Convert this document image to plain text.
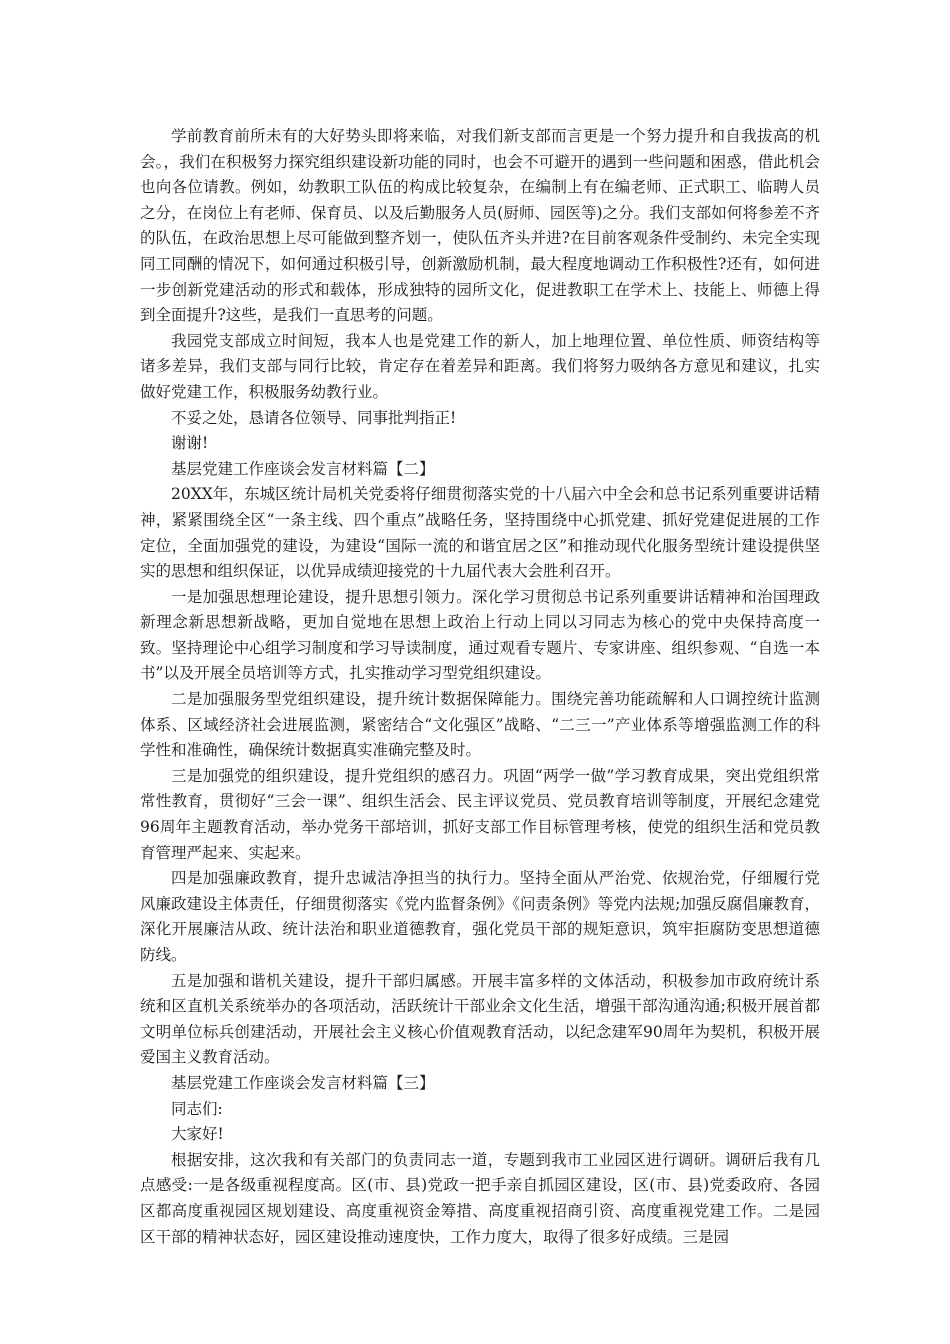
学前教育前所未有的大好势头即将来临，对我们新支部而言更是一个努力提升和自我拔高的机会。，我们在积极努力探究组织建设新功能的同时，也会不可避开的遇到一些问题和困惑，借此机会也向各位请教。例如，幼教职工队伍的构成比较复杂，在编制上有在编老师、正式职工、临聘人员之分，在岗位上有老师、保育员、以及后勤服务人员(厨师、园医等)之分。我们支部如何将参差不齐的队伍，在政治思想上尽可能做到整齐划一，使队伍齐头并进?在目前客观条件受制约、未完全实现同工同酬的情况下，如何通过积极引导，创新激励机制，最大程度地调动工作积极性?还有，如何进一步创新党建活动的形式和载体，形成独特的园所文化，促进教职工在学术上、技能上、师德上得到全面提升?这些，是我们一直思考的问题。

我园党支部成立时间短，我本人也是党建工作的新人，加上地理位置、单位性质、师资结构等诸多差异，我们支部与同行比较，肯定存在着差异和距离。我们将努力吸纳各方意见和建议，扎实做好党建工作，积极服务幼教行业。

不妥之处，恳请各位领导、同事批判指正!

谢谢!

基层党建工作座谈会发言材料篇【二】

20XX年，东城区统计局机关党委将仔细贯彻落实党的十八届六中全会和总书记系列重要讲话精神，紧紧围绕全区“一条主线、四个重点”战略任务，坚持围绕中心抓党建、抓好党建促进展的工作定位，全面加强党的建设，为建设“国际一流的和谐宜居之区”和推动现代化服务型统计建设提供坚实的思想和组织保证，以优异成绩迎接党的十九届代表大会胜利召开。

一是加强思想理论建设，提升思想引领力。深化学习贯彻总书记系列重要讲话精神和治国理政新理念新思想新战略，更加自觉地在思想上政治上行动上同以习同志为核心的党中央保持高度一致。坚持理论中心组学习制度和学习导读制度，通过观看专题片、专家讲座、组织参观、“自选一本书”以及开展全员培训等方式，扎实推动学习型党组织建设。

二是加强服务型党组织建设，提升统计数据保障能力。围绕完善功能疏解和人口调控统计监测体系、区域经济社会进展监测，紧密结合“文化强区”战略、“二三一”产业体系等增强监测工作的科学性和准确性，确保统计数据真实准确完整及时。

三是加强党的组织建设，提升党组织的感召力。巩固“两学一做”学习教育成果，突出党组织常常性教育，贯彻好“三会一课”、组织生活会、民主评议党员、党员教育培训等制度，开展纪念建党96周年主题教育活动，举办党务干部培训，抓好支部工作目标管理考核，使党的组织生活和党员教育管理严起来、实起来。

四是加强廉政教育，提升忠诚洁净担当的执行力。坚持全面从严治党、依规治党，仔细履行党风廉政建设主体责任，仔细贯彻落实《党内监督条例》《问责条例》等党内法规;加强反腐倡廉教育，深化开展廉洁从政、统计法治和职业道德教育，强化党员干部的规矩意识，筑牢拒腐防变思想道德防线。

五是加强和谐机关建设，提升干部归属感。开展丰富多样的文体活动，积极参加市政府统计系统和区直机关系统举办的各项活动，活跃统计干部业余文化生活，增强干部沟通沟通;积极开展首都文明单位标兵创建活动，开展社会主义核心价值观教育活动，以纪念建军90周年为契机，积极开展爱国主义教育活动。

基层党建工作座谈会发言材料篇【三】

同志们:

大家好!

根据安排，这次我和有关部门的负责同志一道，专题到我市工业园区进行调研。调研后我有几点感受:一是各级重视程度高。区(市、县)党政一把手亲自抓园区建设，区(市、县)党委政府、各园区都高度重视园区规划建设、高度重视资金筹措、高度重视招商引资、高度重视党建工作。二是园区干部的精神状态好，园区建设推动速度快，工作力度大，取得了很多好成绩。三是园
